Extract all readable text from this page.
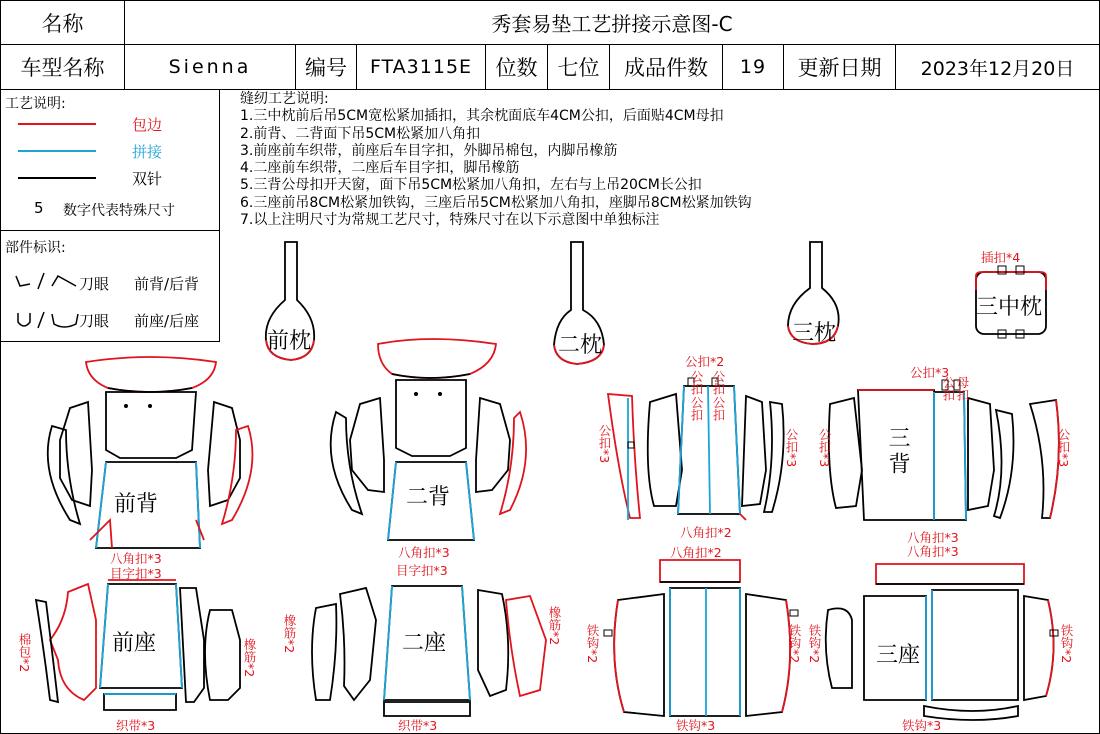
名称	秀套易垫工艺拼接示意图-C
车型名称	Sienna	编号 FTA3115E 位数 七位 成品件数 19 更新日期 2023年12月20日
工艺说明:
包边
拼接
双针
5 数字代表特殊尺寸
部件标识:
刀眼 前背/后背
刀眼 前座/后座
缝纫工艺说明:
1.三中枕前后吊5CM宽松紧加插扣，其余枕面底车4CM公扣，后面贴4CM母扣
2.前背、二背面下吊5CM松紧加八角扣
3.前座前车织带，前座后车目字扣，外脚吊棉包，内脚吊橡筋
4.二座前车织带，二座后车目字扣，脚吊橡筋
5.三背公母扣开天窗，面下吊5CM松紧加八角扣，左右与上吊20CM长公扣
6.三座前吊8CM松紧加铁钩，三座后吊5CM松紧加八角扣，座脚吊8CM松紧加铁钩
7.以上注明尺寸为常规工艺尺寸，特殊尺寸在以下示意图中单独标注
前枕	二枕	三枕
三中枕
前背	二背
三背
前座	二座	三座
插扣*4
公扣*2
公扣 公扣
公扣 公扣
公扣*3	公扣*3
公扣*3
公扣 母扣
公扣*3	公扣*3
八角扣*2	八角扣*3
八角扣*3
八角扣*3
目字扣*3
八角扣*3
目字扣*3
八角扣*2
棉包*2	橡筋*2
橡筋*2	橡筋*2
织带*3	织带*3
铁钩*2	铁钩*2 铁钩*2	铁钩*2
铁钩*3	铁钩*3
